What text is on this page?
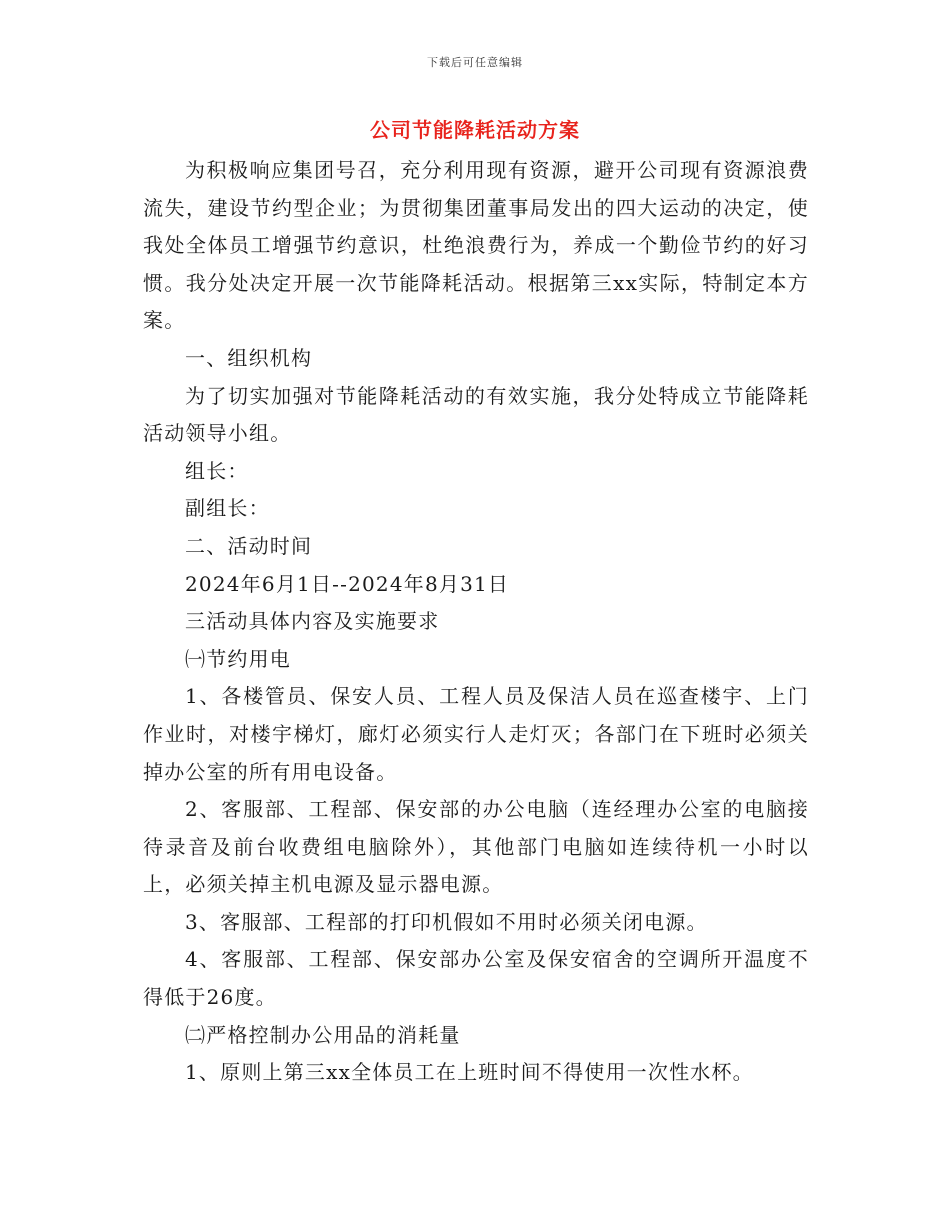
下载后可任意编辑
公司节能降耗活动方案

为积极响应集团号召，充分利用现有资源，避开公司现有资源浪费流失，建设节约型企业；为贯彻集团董事局发出的四大运动的决定，使我处全体员工增强节约意识，杜绝浪费行为，养成一个勤俭节约的好习惯。我分处决定开展一次节能降耗活动。根据第三xx实际，特制定本方案。

一、组织机构

为了切实加强对节能降耗活动的有效实施，我分处特成立节能降耗活动领导小组。

组长：

副组长：

二、活动时间

2024年6月1日--2024年8月31日

三活动具体内容及实施要求

㈠节约用电

1、各楼管员、保安人员、工程人员及保洁人员在巡查楼宇、上门作业时，对楼宇梯灯，廊灯必须实行人走灯灭；各部门在下班时必须关掉办公室的所有用电设备。

2、客服部、工程部、保安部的办公电脑（连经理办公室的电脑接待录音及前台收费组电脑除外），其他部门电脑如连续待机一小时以上，必须关掉主机电源及显示器电源。

3、客服部、工程部的打印机假如不用时必须关闭电源。

4、客服部、工程部、保安部办公室及保安宿舍的空调所开温度不得低于26度。

㈡严格控制办公用品的消耗量

1、原则上第三xx全体员工在上班时间不得使用一次性水杯。
